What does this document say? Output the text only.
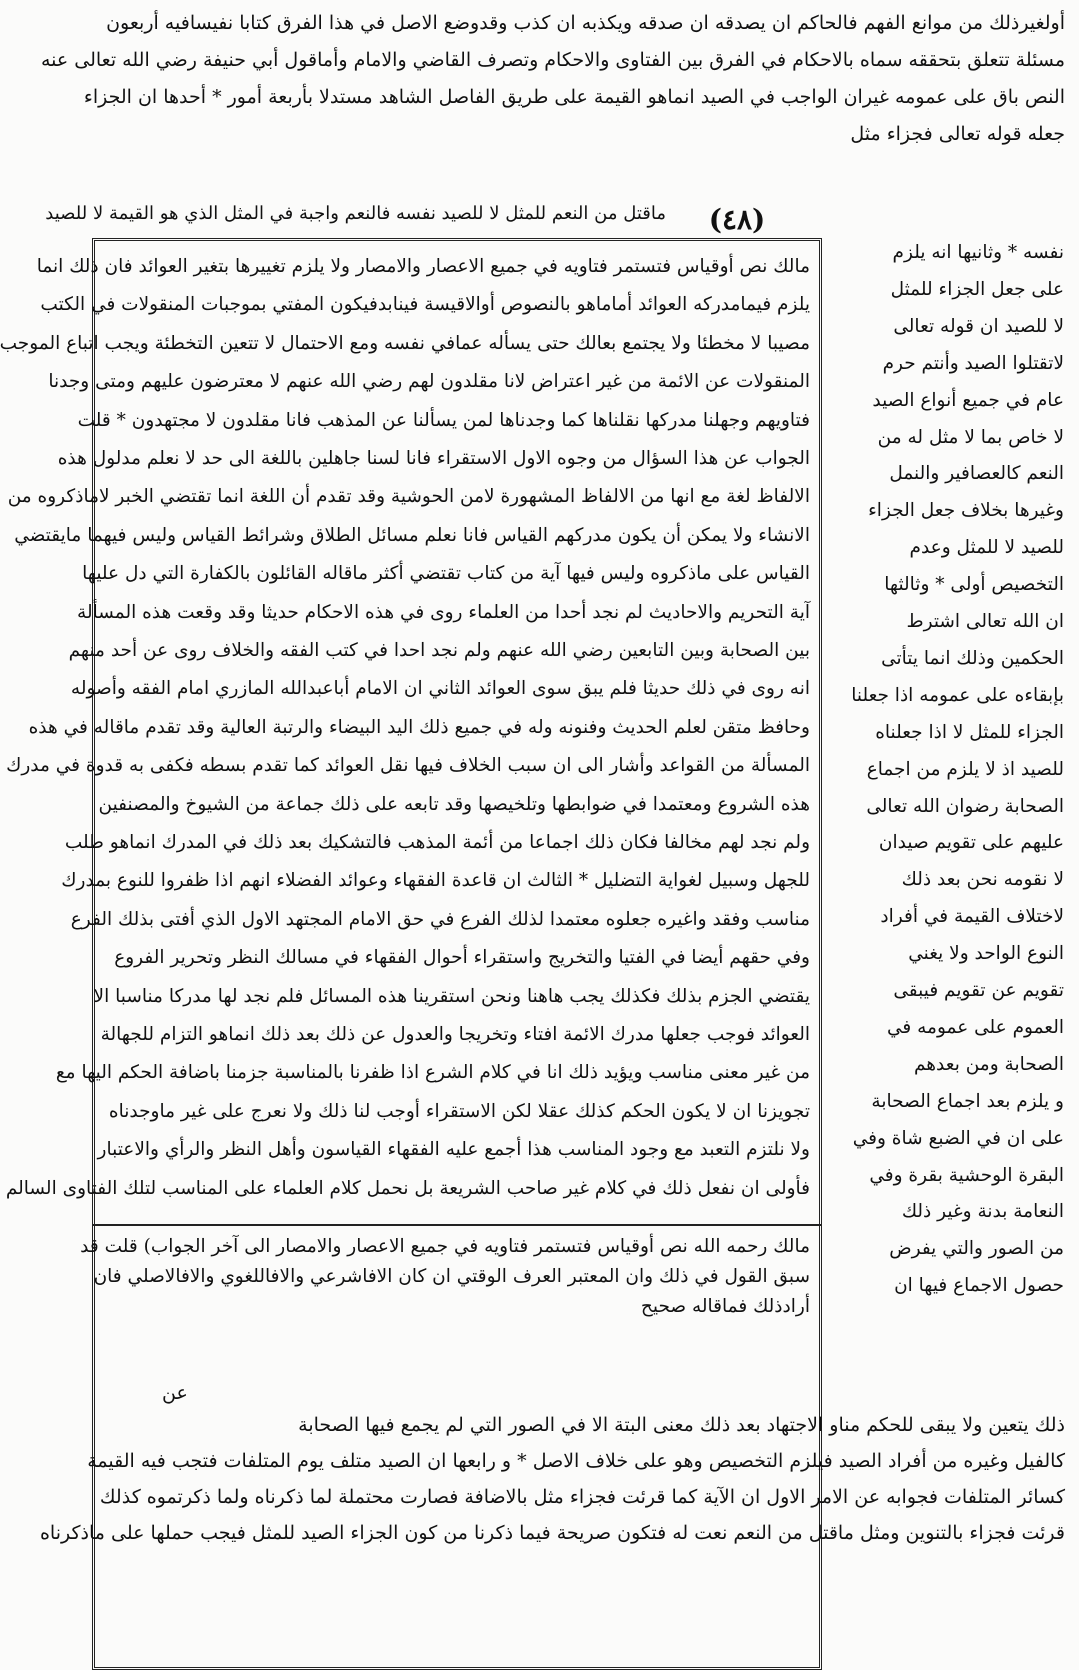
أولغيرذلك من موانع الفهم فالحاكم ان يصدقه ان صدقه ويكذبه ان كذب وقدوضع الاصل في هذا الفرق كتابا نفيسافيه أربعون
مسئلة تتعلق بتحققه سماه بالاحكام في الفرق بين الفتاوى والاحكام وتصرف القاضي والامام وأماقول أبي حنيفة رضي الله تعالى عنه
النص باق على عمومه غيران الواجب في الصيد انماهو القيمة على طريق الفاصل الشاهد مستدلا بأربعة أمور * أحدها ان الجزاء
جعله قوله تعالى فجزاء مثل
ماقتل من النعم للمثل لا للصيد نفسه فالنعم واجبة في المثل الذي هو القيمة لا للصيد	(٤٨)
مالك نص أوقياس فتستمر فتاويه في جميع الاعصار والامصار ولا يلزم تغييرها بتغير العوائد فان ذلك انما
يلزم فيمامدركه العوائد أماماهو بالنصوص أوالاقيسة فينابدفيكون المفتي بموجبات المنقولات في الكتب
مصيبا لا مخطئا ولا يجتمع بعالك حتى يسأله عمافي نفسه ومع الاحتمال لا تتعين التخطئة ويجب اتباع الموجب
المنقولات عن الائمة من غير اعتراض لانا مقلدون لهم رضي الله عنهم لا معترضون عليهم ومتى وجدنا
فتاويهم وجهلنا مدركها نقلناها كما وجدناها لمن يسألنا عن المذهب فانا مقلدون لا مجتهدون * قلت
الجواب عن هذا السؤال من وجوه الاول الاستقراء فانا لسنا جاهلين باللغة الى حد لا نعلم مدلول هذه
الالفاظ لغة مع انها من الالفاظ المشهورة لامن الحوشية وقد تقدم أن اللغة انما تقتضي الخبر لاماذكروه من
الانشاء ولا يمكن أن يكون مدركهم القياس فانا نعلم مسائل الطلاق وشرائط القياس وليس فيهما مايقتضي
القياس على ماذكروه وليس فيها آية من كتاب تقتضي أكثر ماقاله القائلون بالكفارة التي دل عليها
آية التحريم والاحاديث لم نجد أحدا من العلماء روى في هذه الاحكام حديثا وقد وقعت هذه المسألة
بين الصحابة وبين التابعين رضي الله عنهم ولم نجد احدا في كتب الفقه والخلاف روى عن أحد منهم
انه روى في ذلك حديثا فلم يبق سوى العوائد الثاني ان الامام أباعبدالله المازري امام الفقه وأصوله
وحافظ متقن لعلم الحديث وفنونه وله في جميع ذلك اليد البيضاء والرتبة العالية وقد تقدم ماقاله في هذه
المسألة من القواعد وأشار الى ان سبب الخلاف فيها نقل العوائد كما تقدم بسطه فكفى به قدوة في مدرك
هذه الشروع ومعتمدا في ضوابطها وتلخيصها وقد تابعه على ذلك جماعة من الشيوخ والمصنفين
ولم نجد لهم مخالفا فكان ذلك اجماعا من أئمة المذهب فالتشكيك بعد ذلك في المدرك انماهو طلب
للجهل وسبيل لغواية التضليل * الثالث ان قاعدة الفقهاء وعوائد الفضلاء انهم اذا ظفروا للنوع بمدرك
مناسب وفقد واغيره جعلوه معتمدا لذلك الفرع في حق الامام المجتهد الاول الذي أفتى بذلك الفرع
وفي حقهم أيضا في الفتيا والتخريج واستقراء أحوال الفقهاء في مسالك النظر وتحرير الفروع
يقتضي الجزم بذلك فكذلك يجب هاهنا ونحن استقرينا هذه المسائل فلم نجد لها مدركا مناسبا الا
العوائد فوجب جعلها مدرك الائمة افتاء وتخريجا والعدول عن ذلك بعد ذلك انماهو التزام للجهالة
من غير معنى مناسب ويؤيد ذلك انا في كلام الشرع اذا ظفرنا بالمناسبة جزمنا باضافة الحكم اليها مع
تجويزنا ان لا يكون الحكم كذلك عقلا لكن الاستقراء أوجب لنا ذلك ولا نعرج على غير ماوجدناه
ولا نلتزم التعبد مع وجود المناسب هذا أجمع عليه الفقهاء القياسون وأهل النظر والرأي والاعتبار
فأولى ان نفعل ذلك في كلام غير صاحب الشريعة بل نحمل كلام العلماء على المناسب لتلك الفتاوى السالم
مالك رحمه الله نص أوقياس فتستمر فتاويه في جميع الاعصار والامصار الى آخر الجواب) قلت قد
سبق القول في ذلك وان المعتبر العرف الوقتي ان كان الافاشرعي والافاللغوي والافالاصلي فان
أرادذلك فماقاله صحيح
نفسه * وثانيها انه يلزم
على جعل الجزاء للمثل
لا للصيد ان قوله تعالى
لاتقتلوا الصيد وأنتم حرم
عام في جميع أنواع الصيد
لا خاص بما لا مثل له من
النعم كالعصافير والنمل
وغيرها بخلاف جعل الجزاء
للصيد لا للمثل وعدم
التخصيص أولى * وثالثها
ان الله تعالى اشترط
الحكمين وذلك انما يتأتى
بإبقاءه على عمومه اذا جعلنا
الجزاء للمثل لا اذا جعلناه
للصيد اذ لا يلزم من اجماع
الصحابة رضوان الله تعالى
عليهم على تقويم صيدان
لا نقومه نحن بعد ذلك
لاختلاف القيمة في أفراد
النوع الواحد ولا يغني
تقويم عن تقويم فيبقى
العموم على عمومه في
الصحابة ومن بعدهم
و يلزم بعد اجماع الصحابة
على ان في الضبع شاة وفي
البقرة الوحشية بقرة وفي
النعامة بدنة وغير ذلك
من الصور والتي يفرض
حصول الاجماع فيها ان
عن
ذلك يتعين ولا يبقى للحكم مناو الاجتهاد بعد ذلك معنى البتة الا في الصور التي لم يجمع فيها الصحابة
كالفيل وغيره من أفراد الصيد فيلزم التخصيص وهو على خلاف الاصل * و رابعها ان الصيد متلف يوم المتلفات فتجب فيه القيمة
كسائر المتلفات فجوابه عن الامر الاول ان الآية كما قرئت فجزاء مثل بالاضافة فصارت محتملة لما ذكرناه ولما ذكرتموه كذلك
قرئت فجزاء بالتنوين ومثل ماقتل من النعم نعت له فتكون صريحة فيما ذكرنا من كون الجزاء الصيد للمثل فيجب حملها على ماذكرناه
